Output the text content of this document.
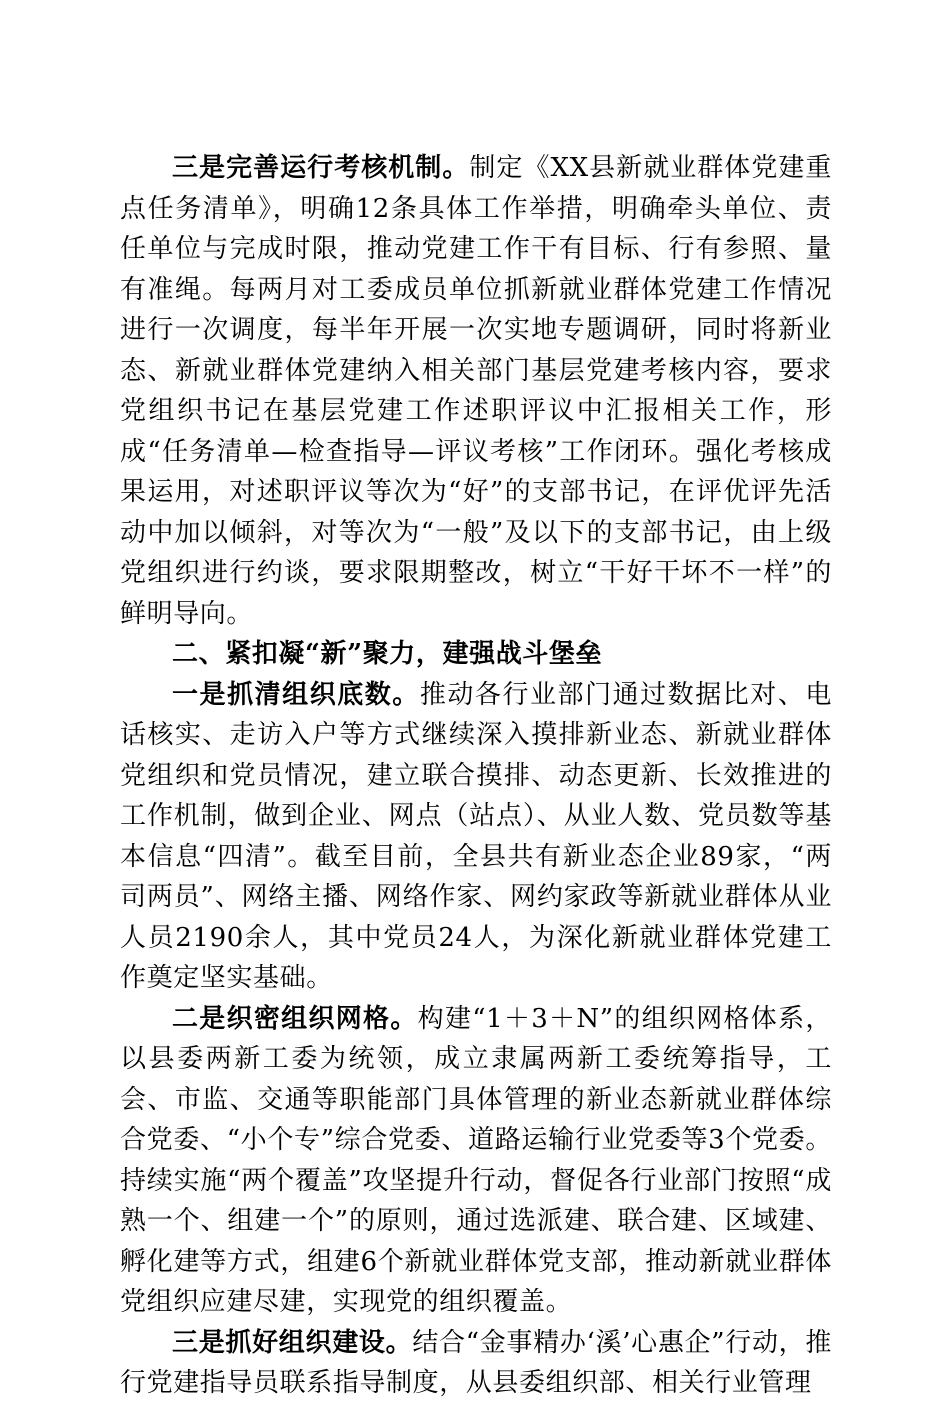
三是完善运行考核机制。制定《XX县新就业群体党建重点任务清单》，明确12条具体工作举措，明确牵头单位、责任单位与完成时限，推动党建工作干有目标、行有参照、量有准绳。每两月对工委成员单位抓新就业群体党建工作情况进行一次调度，每半年开展一次实地专题调研，同时将新业态、新就业群体党建纳入相关部门基层党建考核内容，要求党组织书记在基层党建工作述职评议中汇报相关工作，形成“任务清单—检查指导—评议考核”工作闭环。强化考核成果运用，对述职评议等次为“好”的支部书记，在评优评先活动中加以倾斜，对等次为“一般”及以下的支部书记，由上级党组织进行约谈，要求限期整改，树立“干好干坏不一样”的鲜明导向。

二、紧扣凝“新”聚力，建强战斗堡垒

一是抓清组织底数。推动各行业部门通过数据比对、电话核实、走访入户等方式继续深入摸排新业态、新就业群体党组织和党员情况，建立联合摸排、动态更新、长效推进的工作机制，做到企业、网点（站点）、从业人数、党员数等基本信息“四清”。截至目前，全县共有新业态企业89家，“两司两员”、网络主播、网络作家、网约家政等新就业群体从业人员2190余人，其中党员24人，为深化新就业群体党建工作奠定坚实基础。

二是织密组织网格。构建“1＋3＋N”的组织网格体系，以县委两新工委为统领，成立隶属两新工委统筹指导，工会、市监、交通等职能部门具体管理的新业态新就业群体综合党委、“小个专”综合党委、道路运输行业党委等3个党委。持续实施“两个覆盖”攻坚提升行动，督促各行业部门按照“成熟一个、组建一个”的原则，通过选派建、联合建、区域建、孵化建等方式，组建6个新就业群体党支部，推动新就业群体党组织应建尽建，实现党的组织覆盖。

三是抓好组织建设。结合“金事精办‘溪’心惠企”行动，推行党建指导员联系指导制度，从县委组织部、相关行业管理
